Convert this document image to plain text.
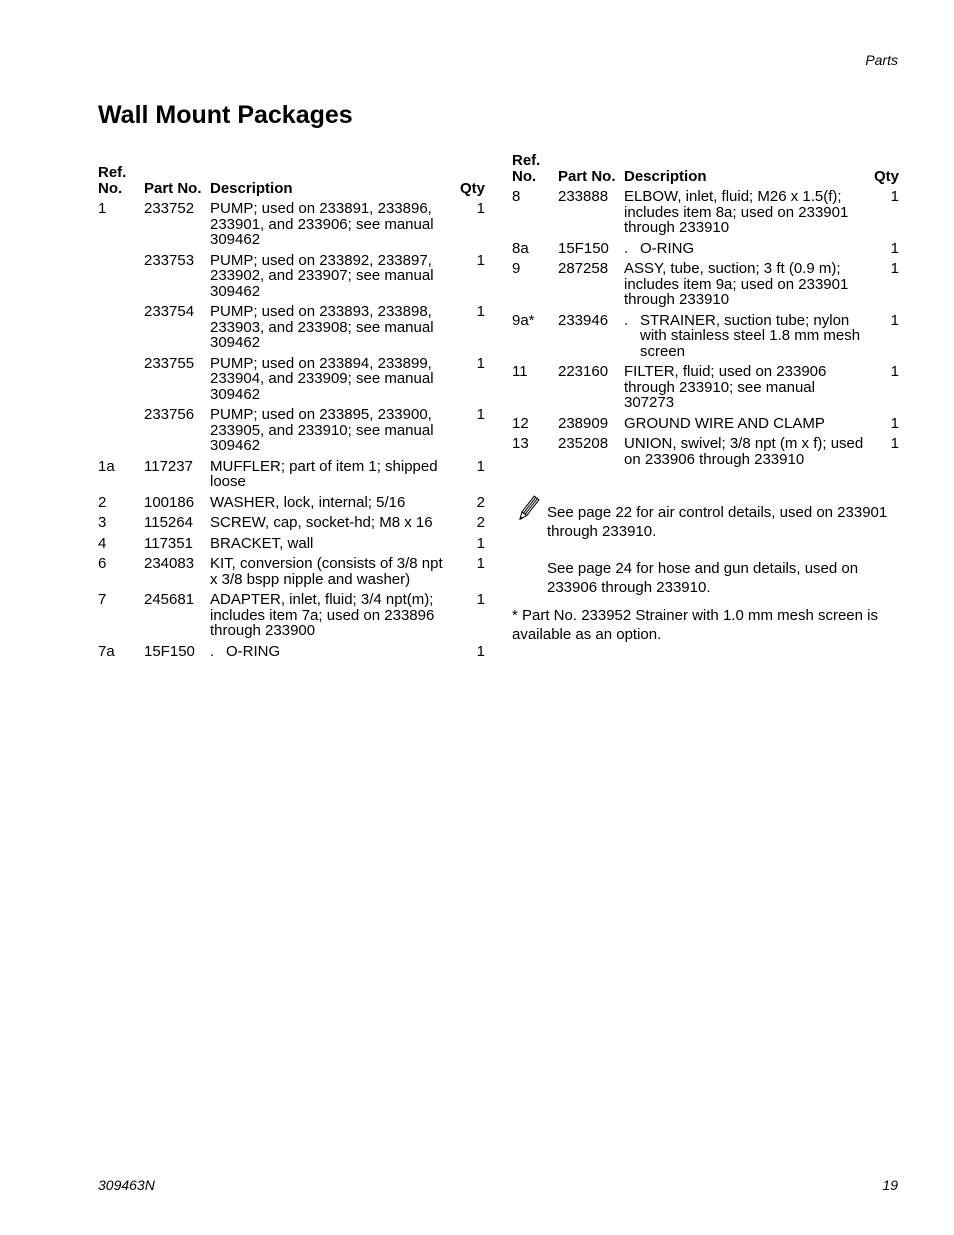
Parts
Wall Mount Packages
Ref.
No.	Part No.	Description	Qty
1	233752	PUMP; used on 233891, 233896, 233901, and 233906; see manual 309462	1
	233753	PUMP; used on 233892, 233897, 233902, and 233907; see manual 309462	1
	233754	PUMP; used on 233893, 233898, 233903, and 233908; see manual 309462	1
	233755	PUMP; used on 233894, 233899, 233904, and 233909; see manual 309462	1
	233756	PUMP; used on 233895, 233900, 233905, and 233910; see manual 309462	1
1a	117237	MUFFLER; part of item 1; shipped loose	1
2	100186	WASHER, lock, internal; 5/16	2
3	115264	SCREW, cap, socket-hd; M8 x 16	2
4	117351	BRACKET, wall	1
6	234083	KIT, conversion (consists of 3/8 npt x 3/8 bspp nipple and washer)	1
7	245681	ADAPTER, inlet, fluid; 3/4 npt(m); includes item 7a; used on 233896 through 233900	1
7a	15F150	. O-RING	1
Ref.
No.	Part No.	Description	Qty
8	233888	ELBOW, inlet, fluid; M26 x 1.5(f); includes item 8a; used on 233901 through 233910	1
8a	15F150	. O-RING	1
9	287258	ASSY, tube, suction; 3 ft (0.9 m); includes item 9a; used on 233901 through 233910	1
9a*	233946	. STRAINER, suction tube; nylon with stainless steel 1.8 mm mesh screen	1
11	223160	FILTER, fluid; used on 233906 through 233910; see manual 307273	1
12	238909	GROUND WIRE AND CLAMP	1
13	235208	UNION, swivel; 3/8 npt (m x f); used on 233906 through 233910	1

See page 22 for air control details, used on 233901 through 233910.

See page 24 for hose and gun details, used on 233906 through 233910.

* Part No. 233952 Strainer with 1.0 mm mesh screen is available as an option.

309463N	19
